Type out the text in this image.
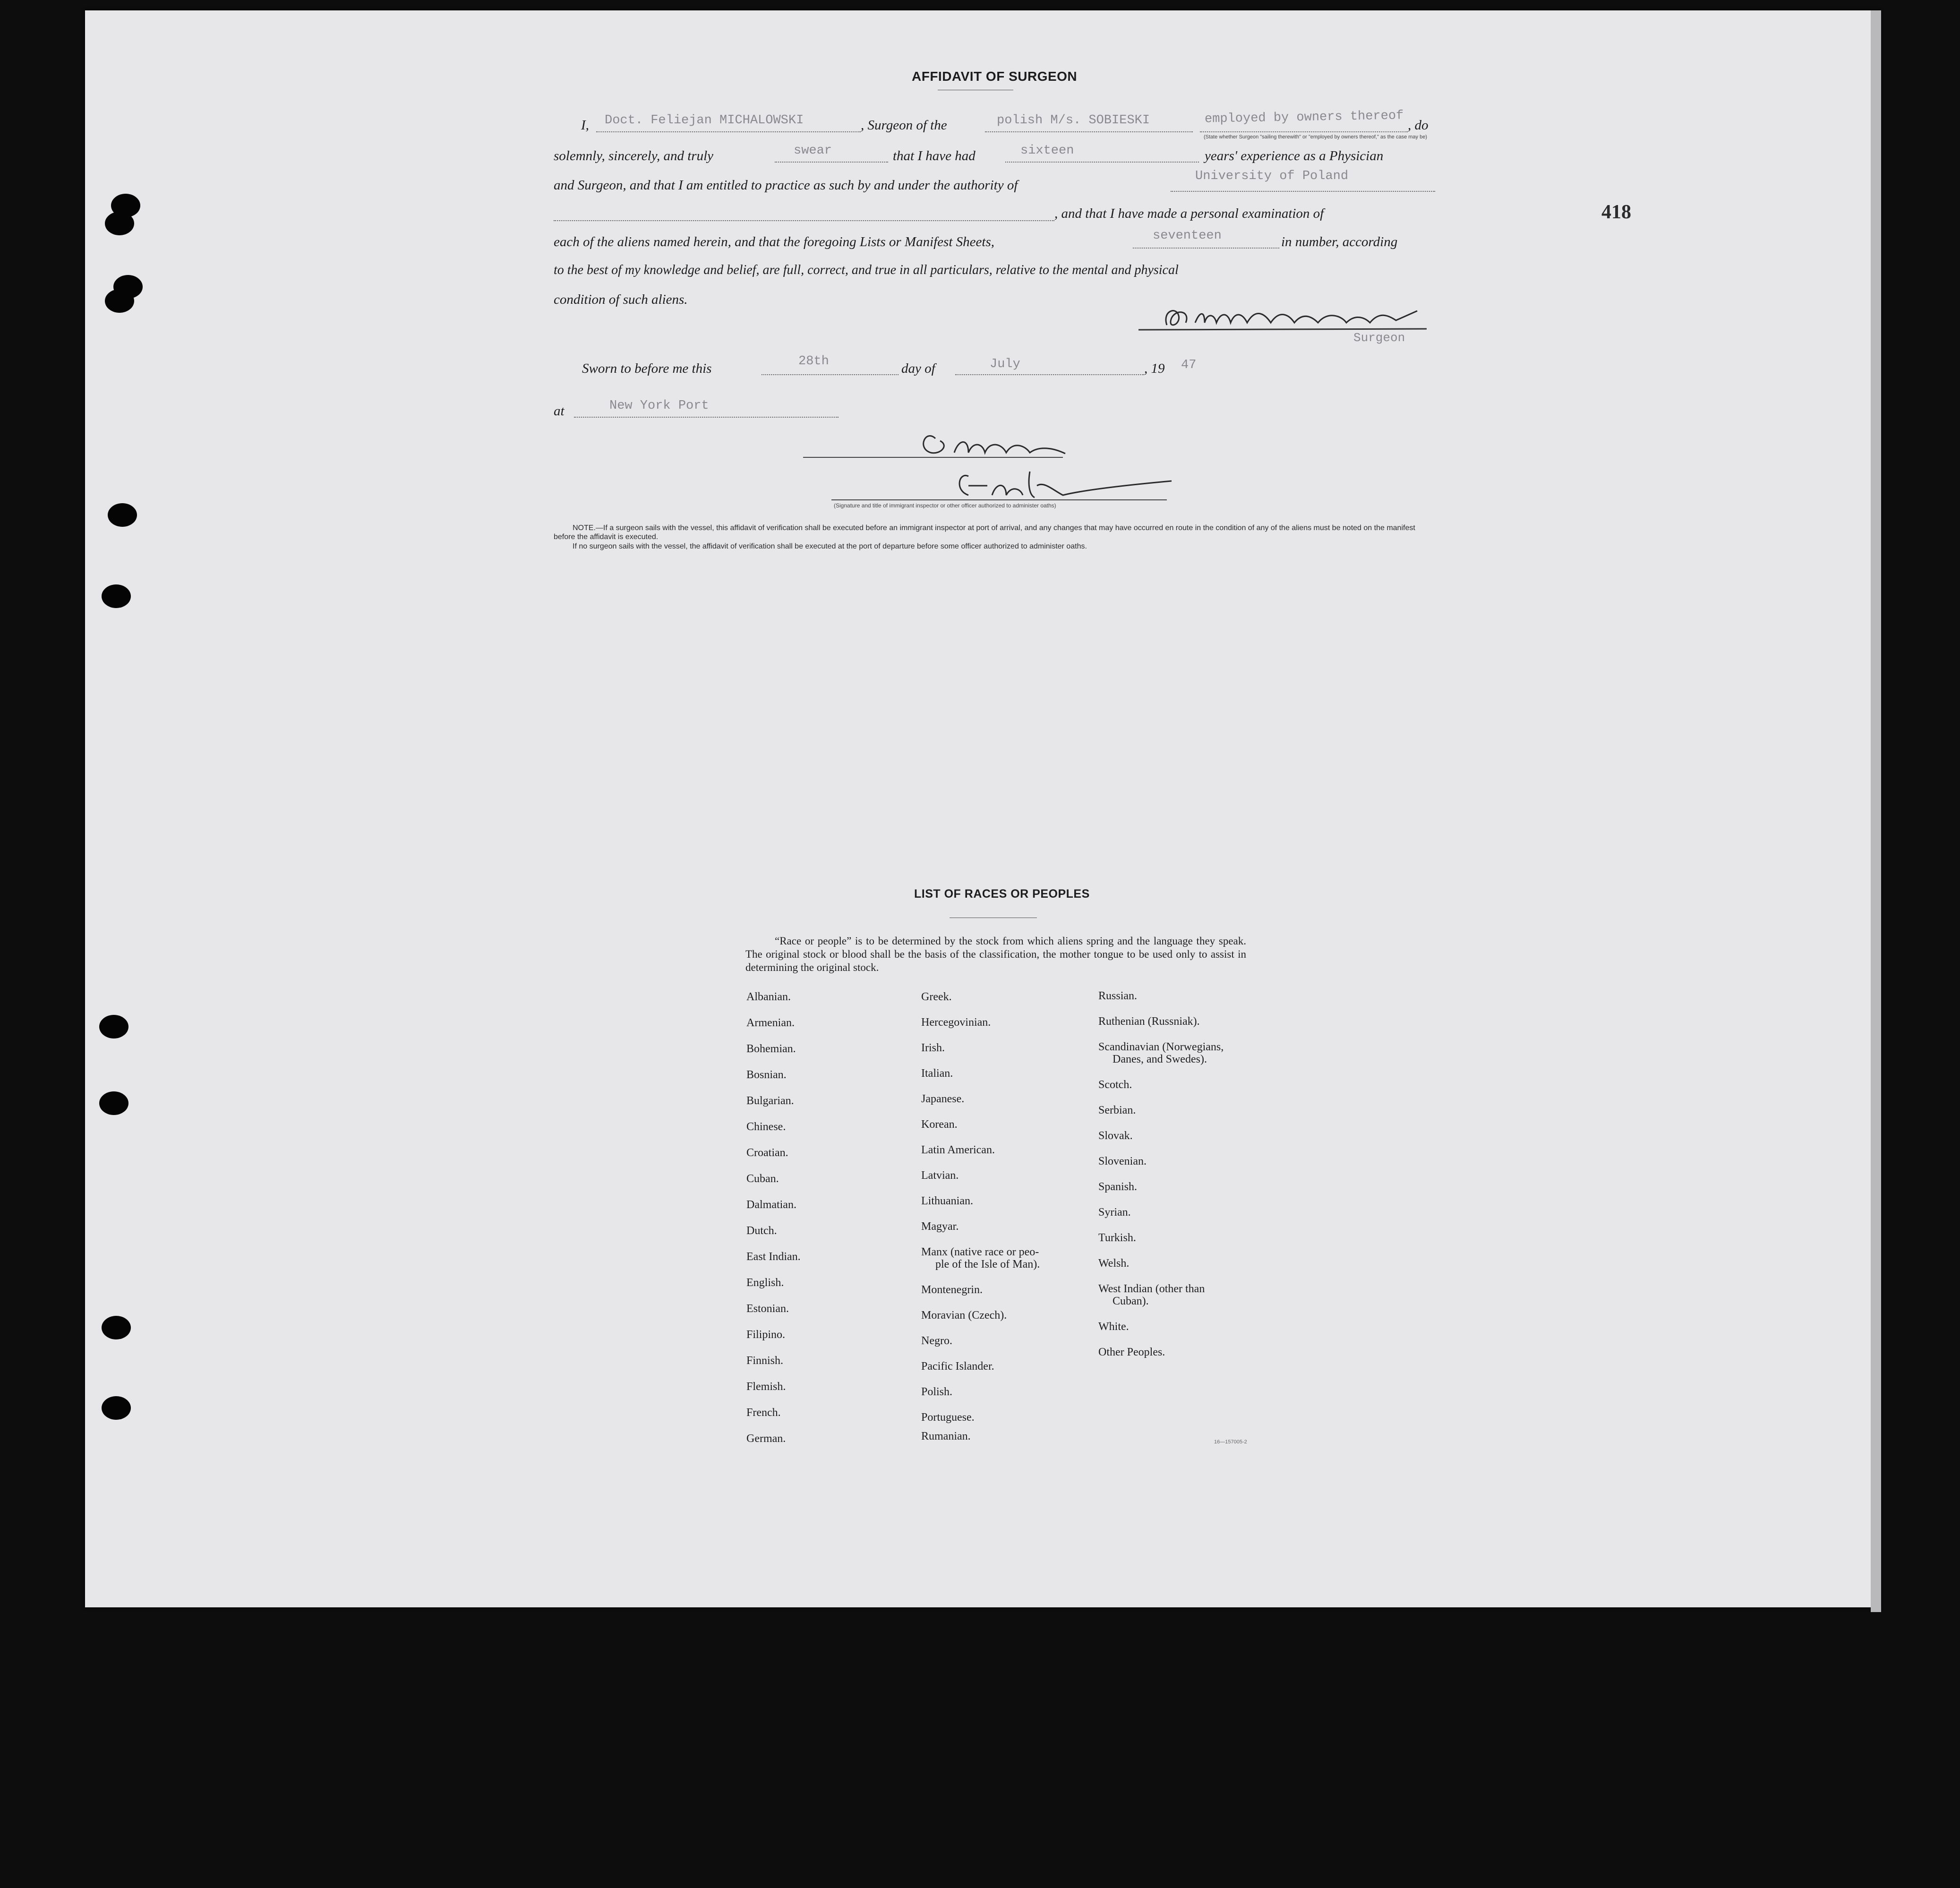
418
AFFIDAVIT OF SURGEON
I, Doct. Feliejan MICHALOWSKI	, Surgeon of the	polish M/s. SOBIESKI	employed by owners thereof , do
(State whether Surgeon "sailing therewith" or "employed by owners thereof," as the case may be)
solemnly, sincerely, and truly	swear	that I have had	sixteen	years' experience as a Physician
and Surgeon, and that I am entitled to practice as such by and under the authority of
University of Poland
, and that I have made a personal examination of
each of the aliens named herein, and that the foregoing Lists or Manifest Sheets,	seventeen	in number, according
to the best of my knowledge and belief, are full, correct, and true in all particulars, relative to the mental and physical
condition of such aliens.
Surgeon
Sworn to before me this	28th	day of	July	, 19 47
at	New York Port
(Signature and title of immigrant inspector or other officer authorized to administer oaths)
NOTE.—If a surgeon sails with the vessel, this affidavit of verification shall be executed before an immigrant inspector at port of arrival, and any changes that may have occurred en route in the condition of any of the aliens must be noted on the manifest before the affidavit is executed.
If no surgeon sails with the vessel, the affidavit of verification shall be executed at the port of departure before some officer authorized to administer oaths.
LIST OF RACES OR PEOPLES
“Race or people” is to be determined by the stock from which aliens spring and the language they speak. The original stock or blood shall be the basis of the classification, the mother tongue to be used only to assist in determining the original stock.
Albanian.
Armenian.
Bohemian.
Bosnian.
Bulgarian.
Chinese.
Croatian.
Cuban.
Dalmatian.
Dutch.
East Indian.
English.
Estonian.
Filipino.
Finnish.
Flemish.
French.
German.
Greek.
Hercegovinian.
Irish.
Italian.
Japanese.
Korean.
Latin American.
Latvian.
Lithuanian.
Magyar.
Manx (native race or peo-
ple of the Isle of Man).
Montenegrin.
Moravian (Czech).
Negro.
Pacific Islander.
Polish.
Portuguese.
Rumanian.
Russian.
Ruthenian (Russniak).
Scandinavian (Norwegians,
Danes, and Swedes).
Scotch.
Serbian.
Slovak.
Slovenian.
Spanish.
Syrian.
Turkish.
Welsh.
West Indian (other than
Cuban).
White.
Other Peoples.
16—157005-2
